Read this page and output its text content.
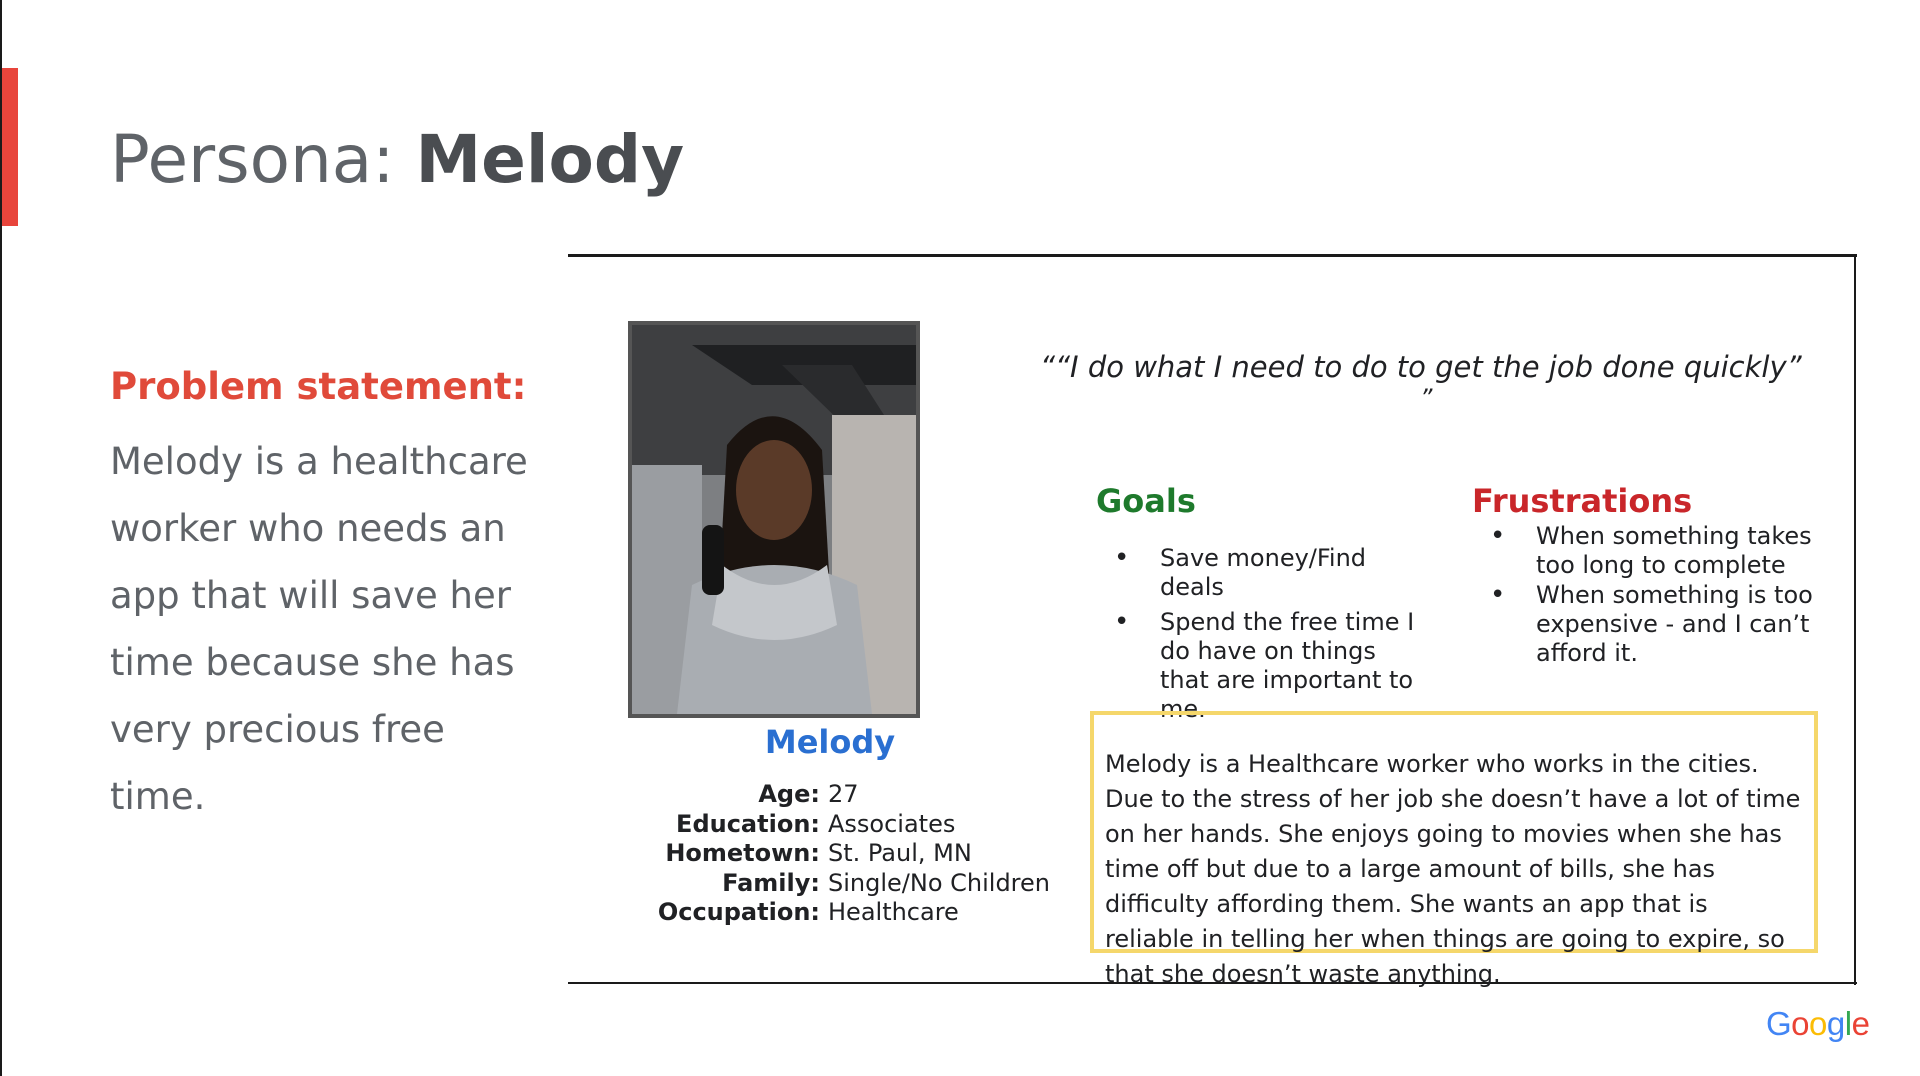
Persona: Melody
Problem statement:
Melody is a healthcare worker who needs an app that will save her time because she has very precious free time.
Melody
Age: 27
Education: Associates
Hometown: St. Paul, MN
Family: Single/No Children
Occupation: Healthcare
““I do what I need to do to get the job done quickly”
”
Goals
• Save money/Find deals
• Spend the free time I do have on things that are important to me.
Frustrations
• When something takes too long to complete
• When something is too expensive - and I can’t afford it.
Melody is a Healthcare worker who works in the cities. Due to the stress of her job she doesn’t have a lot of time on her hands. She enjoys going to movies when she has time off but due to a large amount of bills, she has difficulty affording them. She wants an app that is reliable in telling her when things are going to expire, so that she doesn’t waste anything.
Google
